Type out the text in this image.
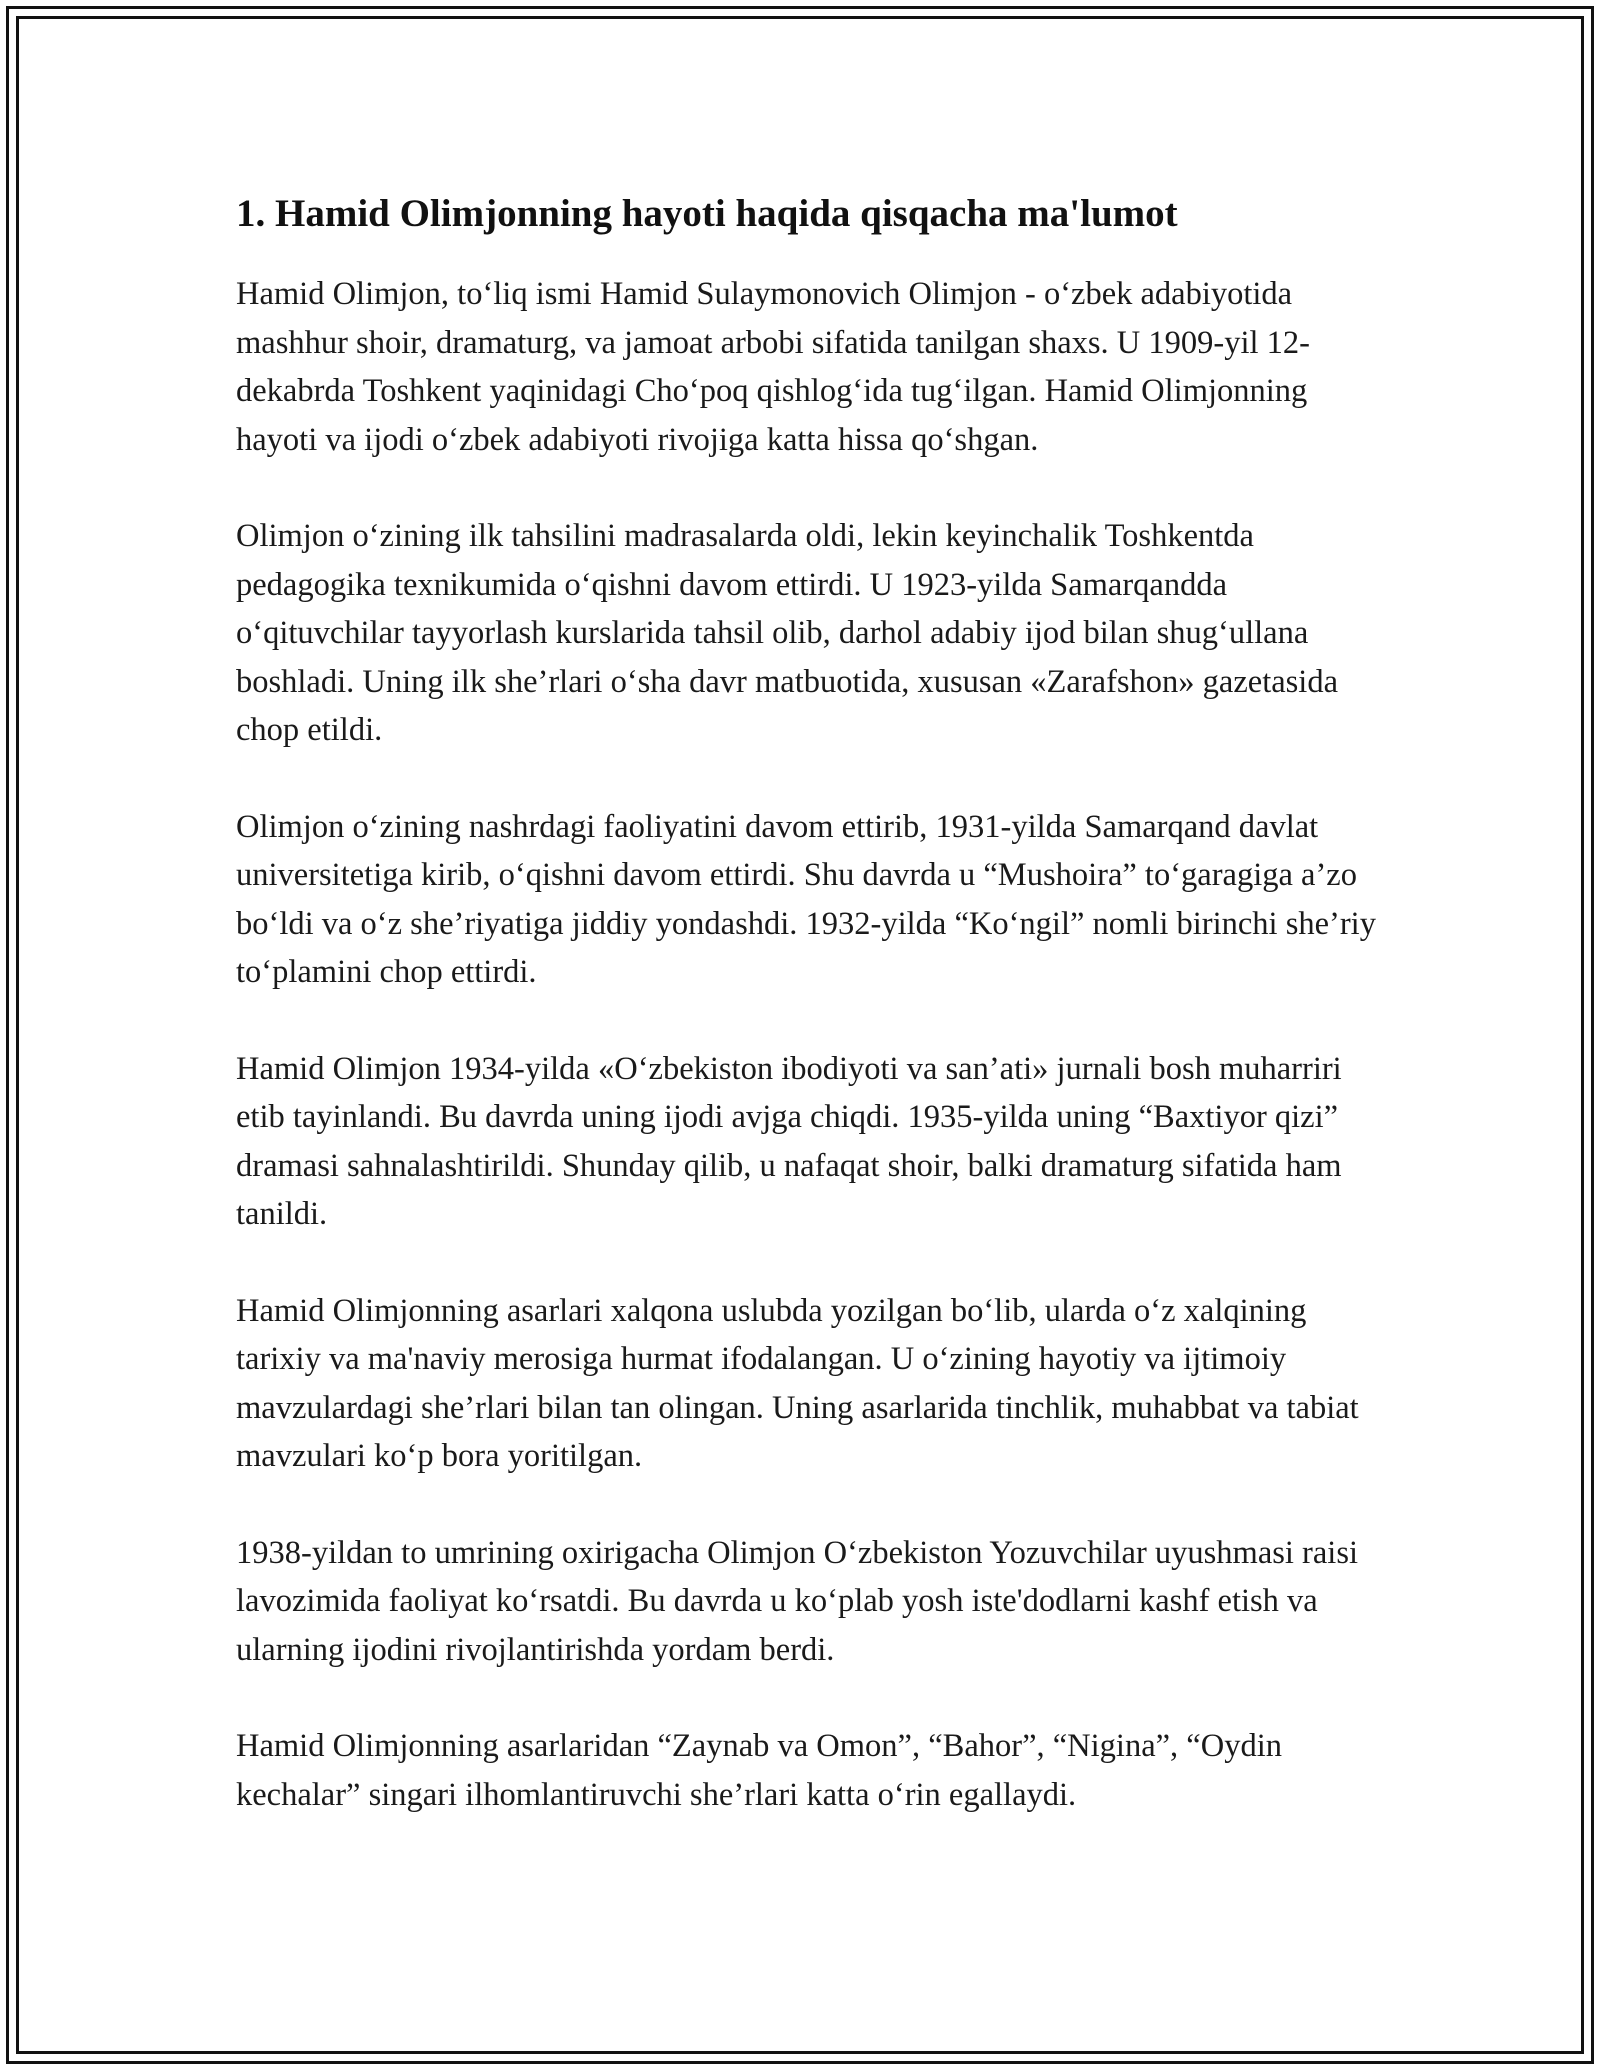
1. Hamid Olimjonning hayoti haqida qisqacha ma'lumot

Hamid Olimjon, to‘liq ismi Hamid Sulaymonovich Olimjon - o‘zbek adabiyotida mashhur shoir, dramaturg, va jamoat arbobi sifatida tanilgan shaxs. U 1909-yil 12-dekabrda Toshkent yaqinidagi Cho‘poq qishlog‘ida tug‘ilgan. Hamid Olimjonning hayoti va ijodi o‘zbek adabiyoti rivojiga katta hissa qo‘shgan.

Olimjon o‘zining ilk tahsilini madrasalarda oldi, lekin keyinchalik Toshkentda pedagogika texnikumida o‘qishni davom ettirdi. U 1923-yilda Samarqandda o‘qituvchilar tayyorlash kurslarida tahsil olib, darhol adabiy ijod bilan shug‘ullana boshladi. Uning ilk she’rlari o‘sha davr matbuotida, xususan «Zarafshon» gazetasida chop etildi.

Olimjon o‘zining nashrdagi faoliyatini davom ettirib, 1931-yilda Samarqand davlat universitetiga kirib, o‘qishni davom ettirdi. Shu davrda u “Mushoira” to‘garagiga a’zo bo‘ldi va o‘z she’riyatiga jiddiy yondashdi. 1932-yilda “Ko‘ngil” nomli birinchi she’riy to‘plamini chop ettirdi.

Hamid Olimjon 1934-yilda «O‘zbekiston ibodiyoti va san’ati» jurnali bosh muharriri etib tayinlandi. Bu davrda uning ijodi avjga chiqdi. 1935-yilda uning “Baxtiyor qizi” dramasi sahnalashtirildi. Shunday qilib, u nafaqat shoir, balki dramaturg sifatida ham tanildi.

Hamid Olimjonning asarlari xalqona uslubda yozilgan bo‘lib, ularda o‘z xalqining tarixiy va ma'naviy merosiga hurmat ifodalangan. U o‘zining hayotiy va ijtimoiy mavzulardagi she’rlari bilan tan olingan. Uning asarlarida tinchlik, muhabbat va tabiat mavzulari ko‘p bora yoritilgan.

1938-yildan to umrining oxirigacha Olimjon O‘zbekiston Yozuvchilar uyushmasi raisi lavozimida faoliyat ko‘rsatdi. Bu davrda u ko‘plab yosh iste'dodlarni kashf etish va ularning ijodini rivojlantirishda yordam berdi.

Hamid Olimjonning asarlaridan “Zaynab va Omon”, “Bahor”, “Nigina”, “Oydin kechalar” singari ilhomlantiruvchi she’rlari katta o‘rin egallaydi.
